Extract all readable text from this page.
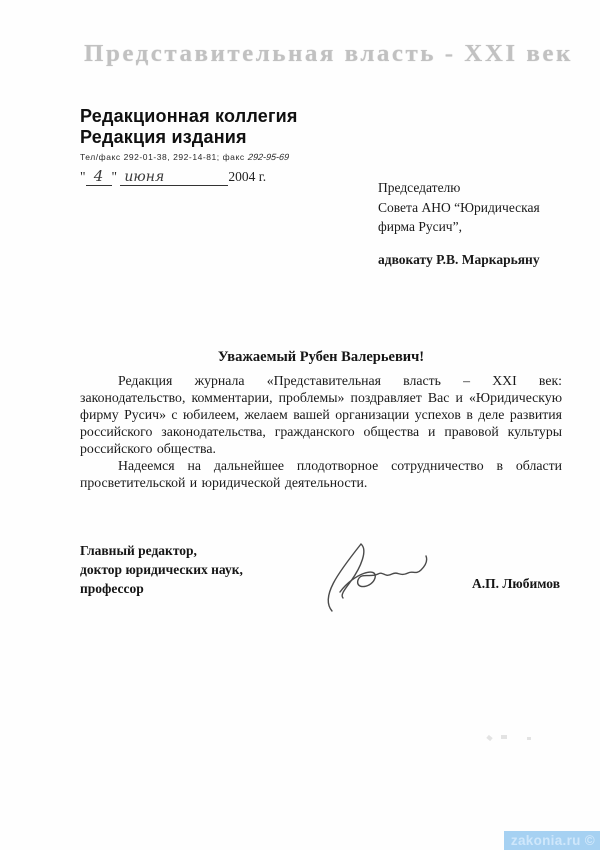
Представительная власть - XXI век
Редакционная коллегия
Редакция издания
Тел/факс 292-01-38, 292-14-81; факс 292-95-69
" 4 " июня	2004 г.
Председателю
Совета АНО “Юридическая
фирма Русич”,
адвокату Р.В. Маркарьяну
Уважаемый Рубен Валерьевич!

Редакция журнала «Представительная власть – XXI век: законодательство, комментарии, проблемы» поздравляет Вас и «Юридическую фирму Русич» с юбилеем, желаем вашей организации успехов в деле развития российского законодательства, гражданского общества и правовой культуры российского общества.

Надеемся на дальнейшее плодотворное сотрудничество в области просветительской и юридической деятельности.

Главный редактор,
доктор юридических наук,
профессор	А.П. Любимов
zakonia.ru ©
